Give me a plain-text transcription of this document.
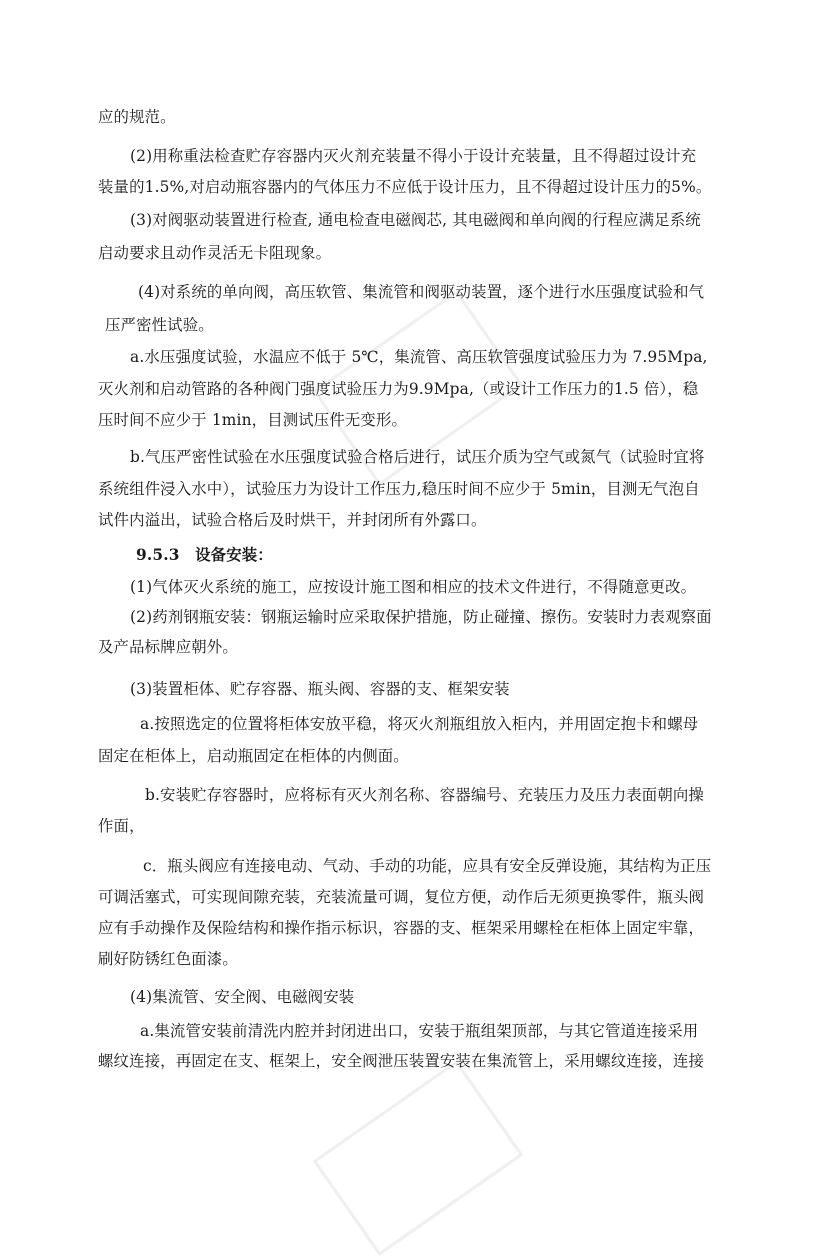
应的规范。
(2)用称重法检查贮存容器内灭火剂充装量不得小于设计充装量，且不得超过设计充
装量的1.5%,对启动瓶容器内的气体压力不应低于设计压力，且不得超过设计压力的5%。
(3)对阀驱动装置进行检查, 通电检查电磁阀芯, 其电磁阀和单向阀的行程应满足系统
启动要求且动作灵活无卡阻现象。
(4)对系统的单向阀，高压软管、集流管和阀驱动装置，逐个进行水压强度试验和气
压严密性试验。
a.水压强度试验，水温应不低于 5℃，集流管、高压软管强度试验压力为 7.95Mpa,
灭火剂和启动管路的各种阀门强度试验压力为9.9Mpa,（或设计工作压力的1.5 倍），稳
压时间不应少于 1min，目测试压件无变形。
b.气压严密性试验在水压强度试验合格后进行，试压介质为空气或氮气（试验时宜将
系统组件浸入水中），试验压力为设计工作压力,稳压时间不应少于 5min，目测无气泡自
试件内溢出，试验合格后及时烘干，并封闭所有外露口。
9.5.3　设备安装：
(1)气体灭火系统的施工，应按设计施工图和相应的技术文件进行，不得随意更改。
(2)药剂钢瓶安装：钢瓶运输时应采取保护措施，防止碰撞、擦伤。安装时力表观察面
及产品标牌应朝外。
(3)装置柜体、贮存容器、瓶头阀、容器的支、框架安装
a.按照选定的位置将柜体安放平稳，将灭火剂瓶组放入柜内，并用固定抱卡和螺母
固定在柜体上，启动瓶固定在柜体的内侧面。
b.安装贮存容器时，应将标有灭火剂名称、容器编号、充装压力及压力表面朝向操
作面，
c．瓶头阀应有连接电动、气动、手动的功能，应具有安全反弹设施，其结构为正压
可调活塞式，可实现间隙充装，充装流量可调，复位方便，动作后无须更换零件，瓶头阀
应有手动操作及保险结构和操作指示标识，容器的支、框架采用螺栓在柜体上固定牢靠，
刷好防锈红色面漆。
(4)集流管、安全阀、电磁阀安装
a.集流管安装前清洗内腔并封闭进出口，安装于瓶组架顶部，与其它管道连接采用
螺纹连接，再固定在支、框架上，安全阀泄压装置安装在集流管上，采用螺纹连接，连接
